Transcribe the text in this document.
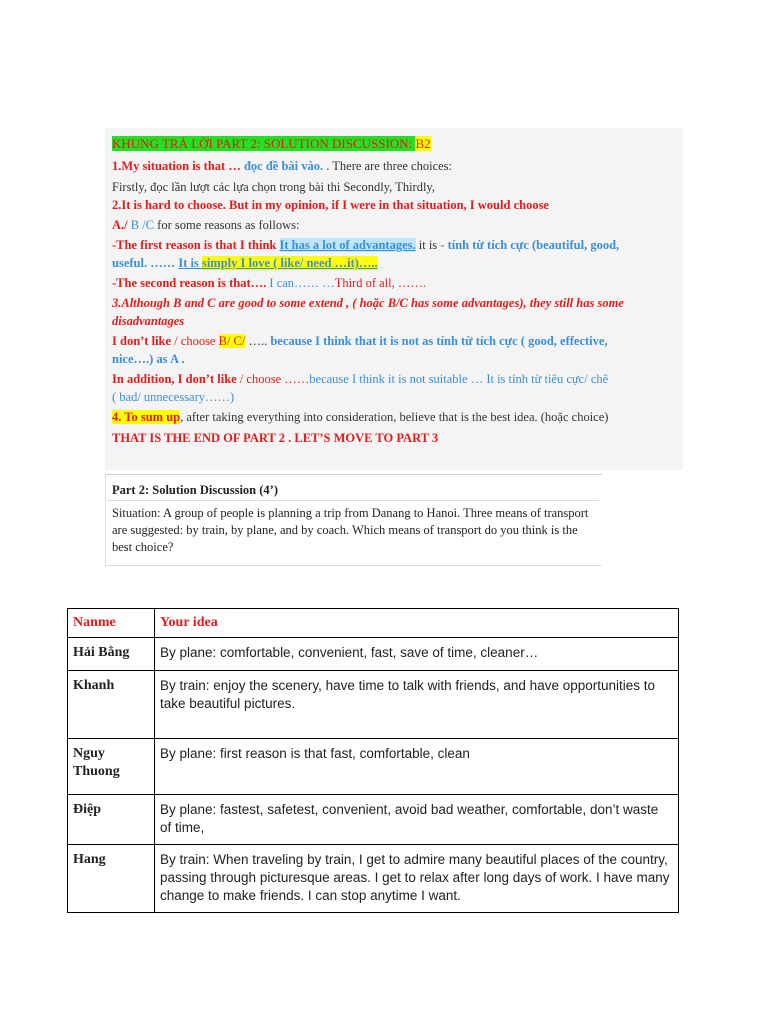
KHUNG TRẢ LỜI PART 2: SOLUTION DISCUSSION: B2
1.My situation is that … đọc đề bài vào. . There are three choices:
Firstly, đọc lần lượt các lựa chọn trong bài thi Secondly, Thirdly,
2.It is hard to choose. But in my opinion, if I were in that situation, I would choose
A./ B /C for some reasons as follows:
-The first reason is that I think It has a lot of advantages. it is - tính từ tích cực (beautiful, good,
useful. …… It is simply I love ( like/ need …it)…..
-The second reason is that…. I can…… …Third of all, …….
3.Although B and C are good to some extend , ( hoặc B/C has some advantages), they still has some
disadvantages
I don’t like / choose B/ C/ ….. because I think that it is not as tính từ tích cực ( good, effective,
nice….) as A .
In addition, I don’t like / choose ……because I think it is not suitable … It is tính từ tiêu cực/ chê
( bad/ unnecessary……)
4. To sum up, after taking everything into consideration, believe that is the best idea. (hoặc choice)
THAT IS THE END OF PART 2 . LET’S MOVE TO PART 3
Part 2: Solution Discussion (4’)
Situation: A group of people is planning a trip from Danang to Hanoi. Three means of transport are suggested: by train, by plane, and by coach. Which means of transport do you think is the best choice?
Nanme	Your idea
Hải Bằng	By plane: comfortable, convenient, fast, save of time, cleaner…
Khanh	By train: enjoy the scenery, have time to talk with friends, and have opportunities to take beautiful pictures.
Nguy Thuong	By plane: first reason is that fast, comfortable, clean
Điệp	By plane: fastest, safetest, convenient, avoid bad weather, comfortable, don’t waste of time,
Hang	By train: When traveling by train, I get to admire many beautiful places of the country, passing through picturesque areas. I get to relax after long days of work. I have many change to make friends. I can stop anytime I want.
